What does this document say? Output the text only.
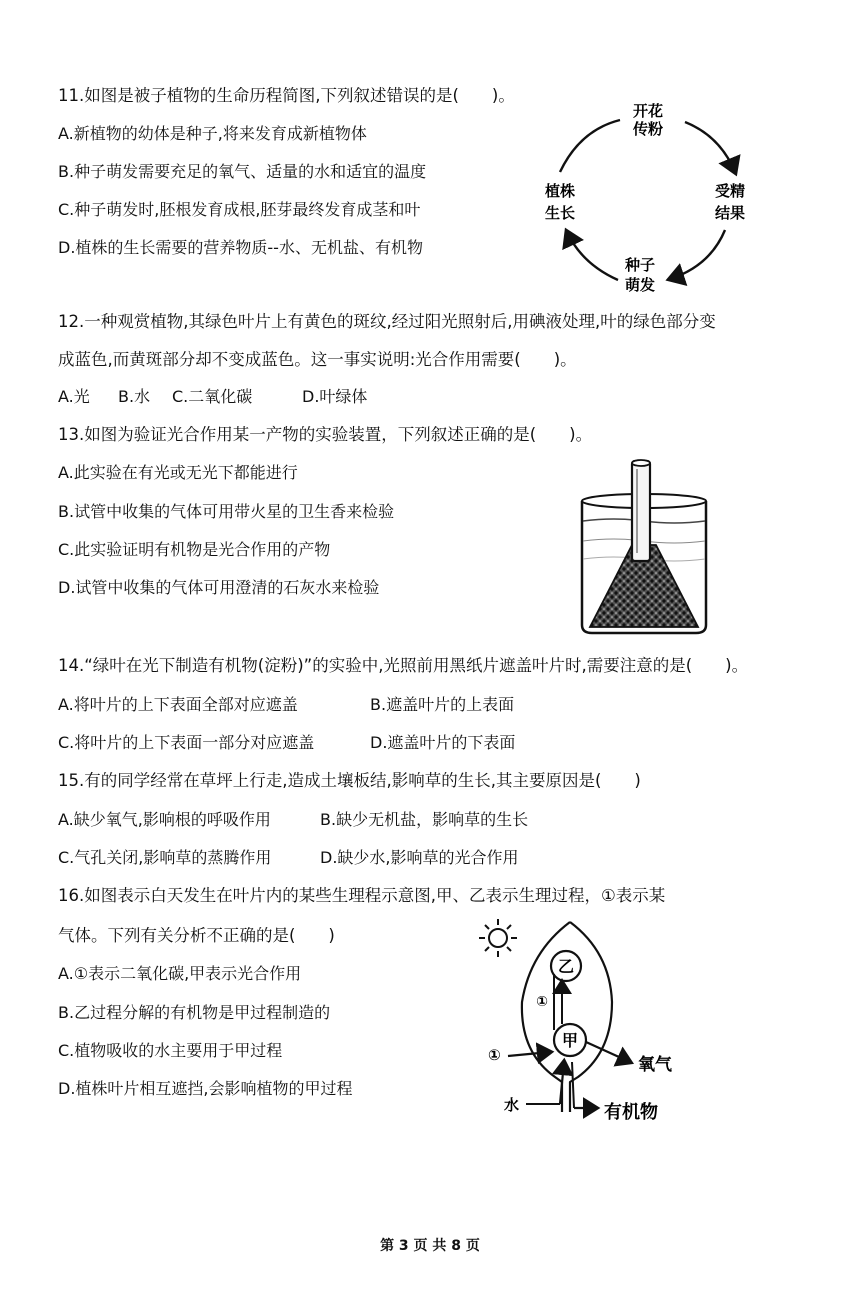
11.如图是被子植物的生命历程简图,下列叙述错误的是(　　)。
A.新植物的幼体是种子,将来发育成新植物体
B.种子萌发需要充足的氧气、适量的水和适宜的温度
C.种子萌发时,胚根发育成根,胚芽最终发育成茎和叶
D.植株的生长需要的营养物质--水、无机盐、有机物
开花
传粉
受精
结果
种子
萌发
植株
生长
12.一种观赏植物,其绿色叶片上有黄色的斑纹,经过阳光照射后,用碘液处理,叶的绿色部分变
成蓝色,而黄斑部分却不变成蓝色。这一事实说明:光合作用需要(　　)。
A.光 B.水 C.二氧化碳	D.叶绿体
13.如图为验证光合作用某一产物的实验装置，下列叙述正确的是(　　)。
A.此实验在有光或无光下都能进行
B.试管中收集的气体可用带火星的卫生香来检验
C.此实验证明有机物是光合作用的产物
D.试管中收集的气体可用澄清的石灰水来检验
14.“绿叶在光下制造有机物(淀粉)”的实验中,光照前用黑纸片遮盖叶片时,需要注意的是(　　)。
A.将叶片的上下表面全部对应遮盖	B.遮盖叶片的上表面
C.将叶片的上下表面一部分对应遮盖	D.遮盖叶片的下表面
15.有的同学经常在草坪上行走,造成土壤板结,影响草的生长,其主要原因是(　　)
A.缺少氧气,影响根的呼吸作用	B.缺少无机盐，影响草的生长
C.气孔关闭,影响草的蒸腾作用	D.缺少水,影响草的光合作用
16.如图表示白天发生在叶片内的某些生理程示意图,甲、乙表示生理过程，①表示某
气体。下列有关分析不正确的是(　　)
A.①表示二氧化碳,甲表示光合作用
B.乙过程分解的有机物是甲过程制造的
C.植物吸收的水主要用于甲过程
D.植株叶片相互遮挡,会影响植物的甲过程
乙
甲
①
①	氧气
水	有机物
第 3 页 共 8 页
